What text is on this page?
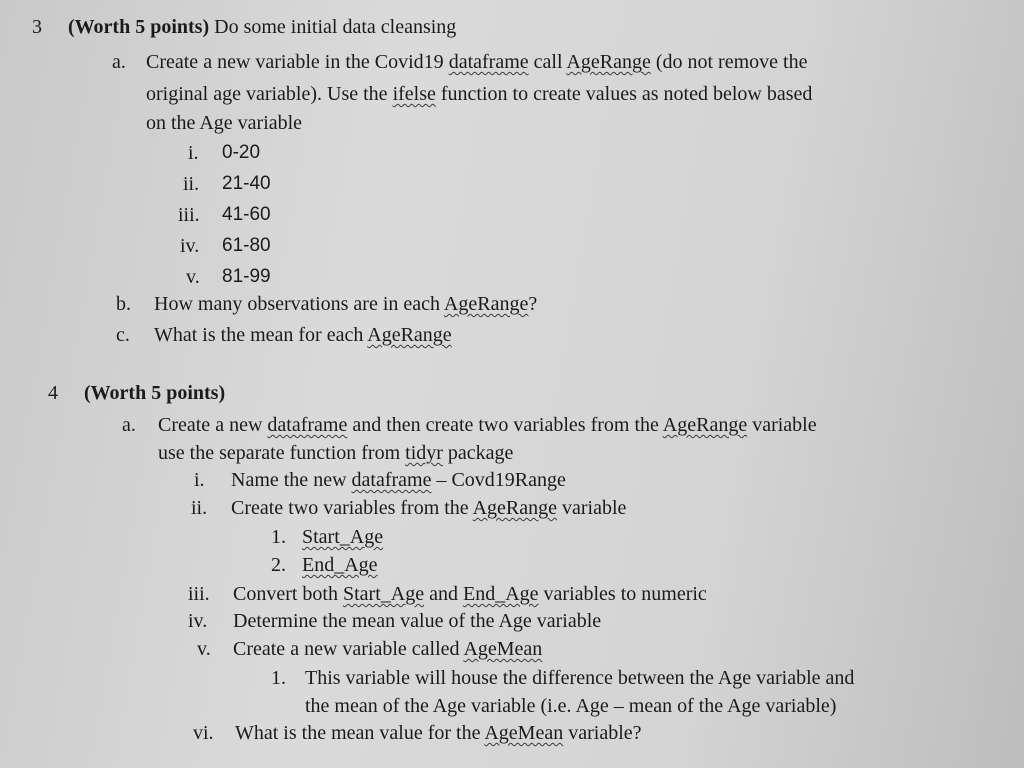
3 (Worth 5 points) Do some initial data cleansing
a. Create a new variable in the Covid19 dataframe call AgeRange (do not remove the
original age variable). Use the ifelse function to create values as noted below based
on the Age variable
i. 0-20
ii. 21-40
iii. 41-60
iv. 61-80
v. 81-99
b. How many observations are in each AgeRange?
c. What is the mean for each AgeRange
4 (Worth 5 points)
a. Create a new dataframe and then create two variables from the AgeRange variable
use the separate function from tidyr package
i. Name the new dataframe – Covd19Range
ii. Create two variables from the AgeRange variable
1. Start_Age
2. End_Age
iii. Convert both Start_Age and End_Age variables to numeric
iv. Determine the mean value of the Age variable
v. Create a new variable called AgeMean
1. This variable will house the difference between the Age variable and
the mean of the Age variable (i.e. Age – mean of the Age variable)
vi. What is the mean value for the AgeMean variable?
